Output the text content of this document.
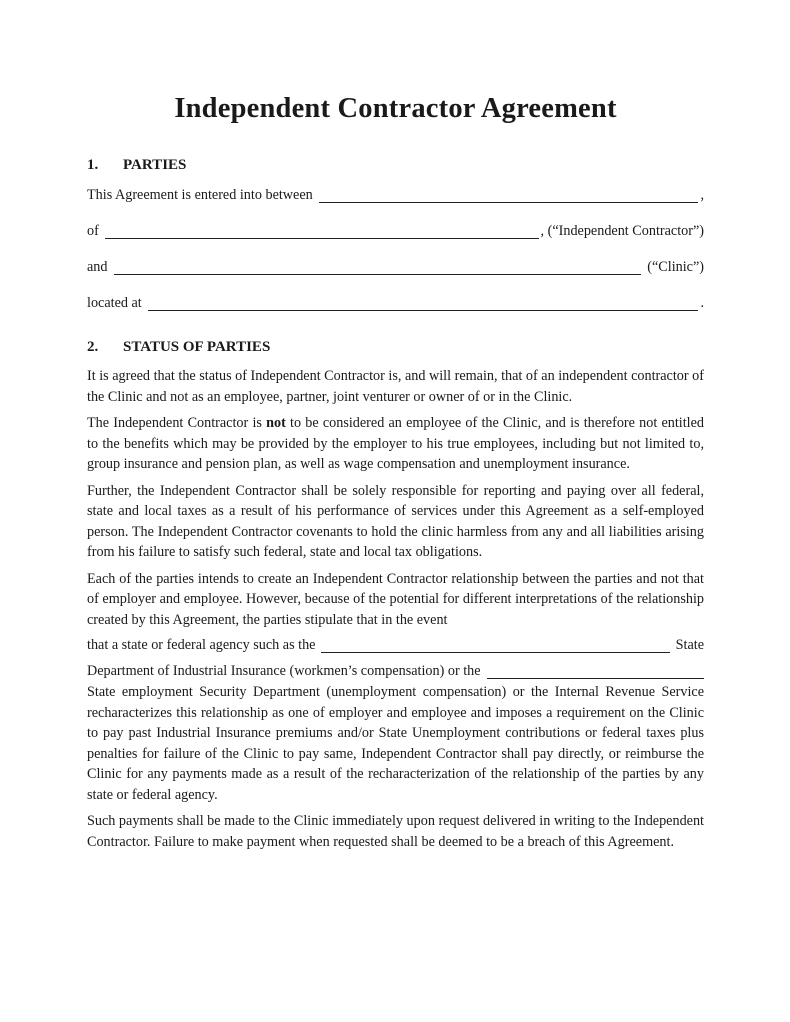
Independent Contractor Agreement
1. PARTIES
This Agreement is entered into between	,
of	, (“Independent Contractor”)
and	(“Clinic”)
located at	.
2. STATUS OF PARTIES

It is agreed that the status of Independent Contractor is, and will remain, that of an independent contractor of the Clinic and not as an employee, partner, joint venturer or owner of or in the Clinic.

The Independent Contractor is not to be considered an employee of the Clinic, and is therefore not entitled to the benefits which may be provided by the employer to his true employees, including but not limited to, group insurance and pension plan, as well as wage compensation and unemployment insurance.

Further, the Independent Contractor shall be solely responsible for reporting and paying over all federal, state and local taxes as a result of his performance of services under this Agreement as a self-employed person. The Independent Contractor covenants to hold the clinic harmless from any and all liabilities arising from his failure to satisfy such federal, state and local tax obligations.

Each of the parties intends to create an Independent Contractor relationship between the parties and not that of employer and employee. However, because of the potential for different interpretations of the relationship created by this Agreement, the parties stipulate that in the event

that a state or federal agency such as the	State
Department of Industrial Insurance (workmen’s compensation) or the

State employment Security Department (unemployment compensation) or the Internal Revenue Service recharacterizes this relationship as one of employer and employee and imposes a requirement on the Clinic to pay past Industrial Insurance premiums and/or State Unemployment contributions or federal taxes plus penalties for failure of the Clinic to pay same, Independent Contractor shall pay directly, or reimburse the Clinic for any payments made as a result of the recharacterization of the relationship of the parties by any state or federal agency.

Such payments shall be made to the Clinic immediately upon request delivered in writing to the Independent Contractor. Failure to make payment when requested shall be deemed to be a breach of this Agreement.
